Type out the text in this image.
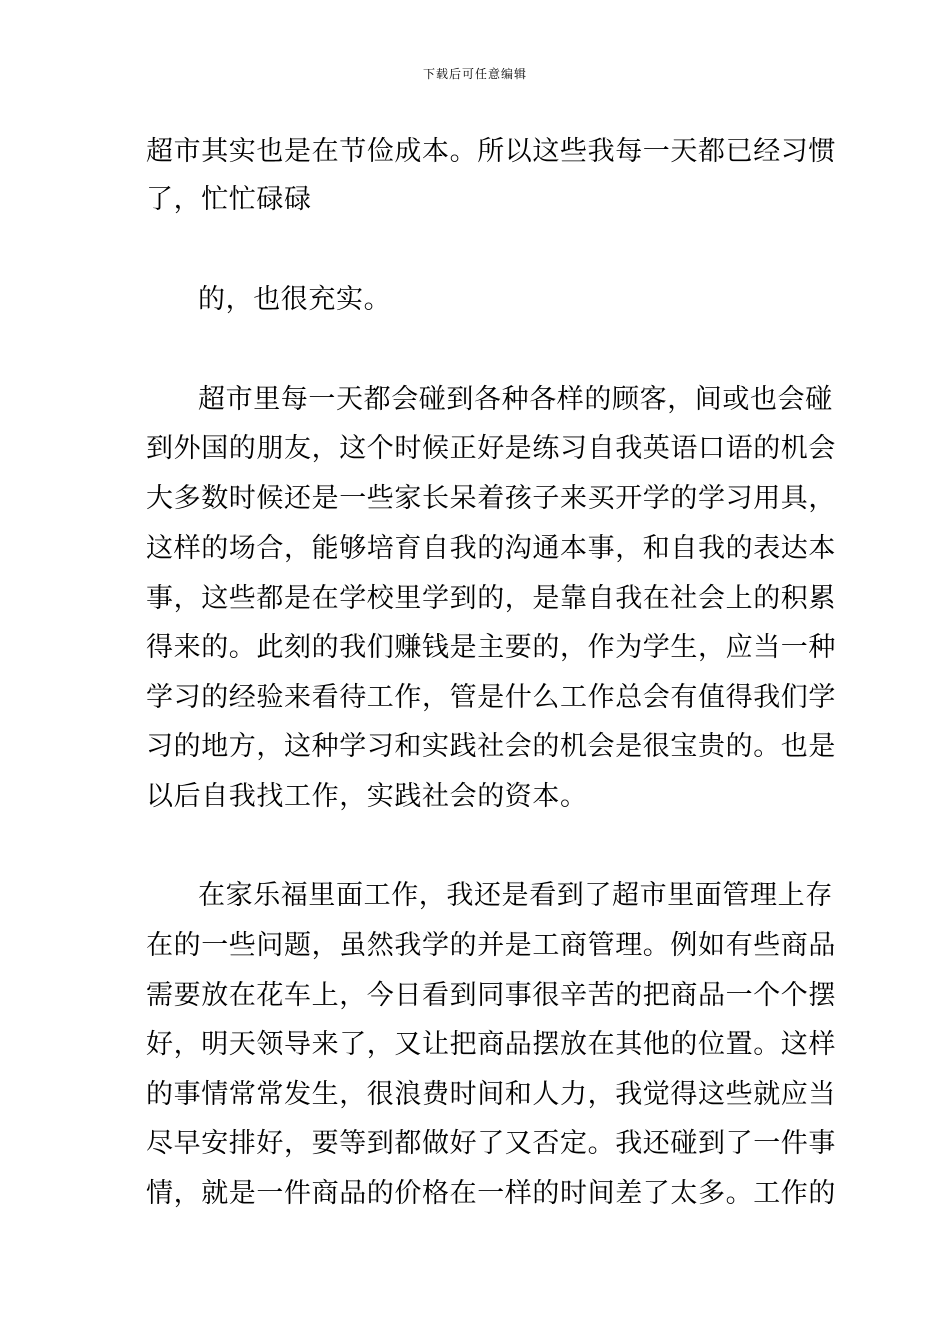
下载后可任意编辑
超市其实也是在节俭成本。所以这些我每一天都已经习惯
了，忙忙碌碌
的，也很充实。
超市里每一天都会碰到各种各样的顾客，间或也会碰
到外国的朋友，这个时候正好是练习自我英语口语的机会
大多数时候还是一些家长呆着孩子来买开学的学习用具，
这样的场合，能够培育自我的沟通本事，和自我的表达本
事，这些都是在学校里学到的，是靠自我在社会上的积累
得来的。此刻的我们赚钱是主要的，作为学生，应当一种
学习的经验来看待工作，管是什么工作总会有值得我们学
习的地方，这种学习和实践社会的机会是很宝贵的。也是
以后自我找工作，实践社会的资本。
在家乐福里面工作，我还是看到了超市里面管理上存
在的一些问题，虽然我学的并是工商管理。例如有些商品
需要放在花车上，今日看到同事很辛苦的把商品一个个摆
好，明天领导来了，又让把商品摆放在其他的位置。这样
的事情常常发生，很浪费时间和人力，我觉得这些就应当
尽早安排好，要等到都做好了又否定。我还碰到了一件事
情，就是一件商品的价格在一样的时间差了太多。工作的
